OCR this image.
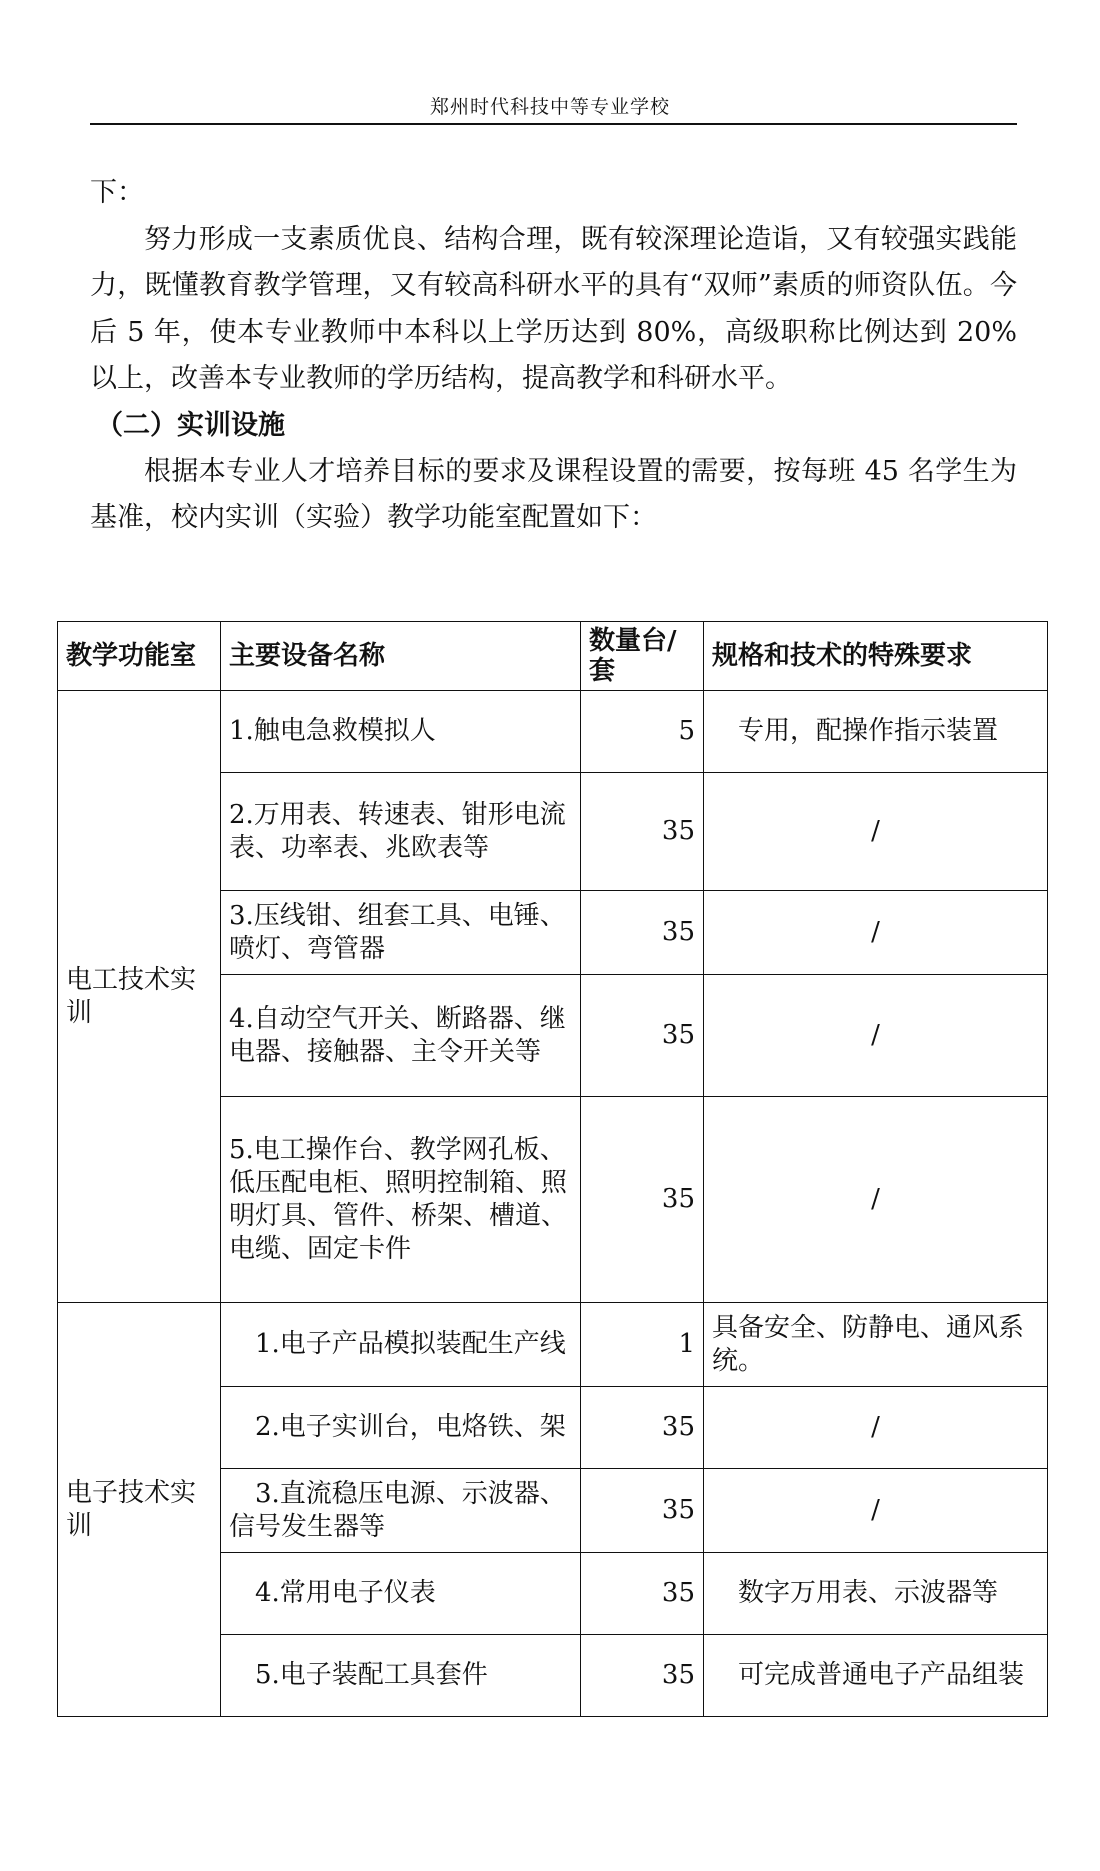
郑州时代科技中等专业学校

下：

努力形成一支素质优良、结构合理，既有较深理论造诣，又有较强实践能力，既懂教育教学管理，又有较高科研水平的具有“双师”素质的师资队伍。今后 5 年，使本专业教师中本科以上学历达到 80%，高级职称比例达到 20%以上，改善本专业教师的学历结构，提高教学和科研水平。

（二）实训设施

根据本专业人才培养目标的要求及课程设置的需要，按每班 45 名学生为基准，校内实训（实验）教学功能室配置如下：

教学功能室	主要设备名称	数量台/套	规格和技术的特殊要求
电工技术实训	1.触电急救模拟人	5	专用，配操作指示装置
	2.万用表、转速表、钳形电流表、功率表、兆欧表等	35	/
	3.压线钳、组套工具、电锤、喷灯、弯管器	35	/
	4.自动空气开关、断路器、继电器、接触器、主令开关等	35	/
	5.电工操作台、教学网孔板、低压配电柜、照明控制箱、照明灯具、管件、桥架、槽道、电缆、固定卡件	35	/
电子技术实训	1.电子产品模拟装配生产线	1	具备安全、防静电、通风系统。
	2.电子实训台，电烙铁、架	35	/
	3.直流稳压电源、示波器、信号发生器等	35	/
	4.常用电子仪表	35	数字万用表、示波器等
	5.电子装配工具套件	35	可完成普通电子产品组装
